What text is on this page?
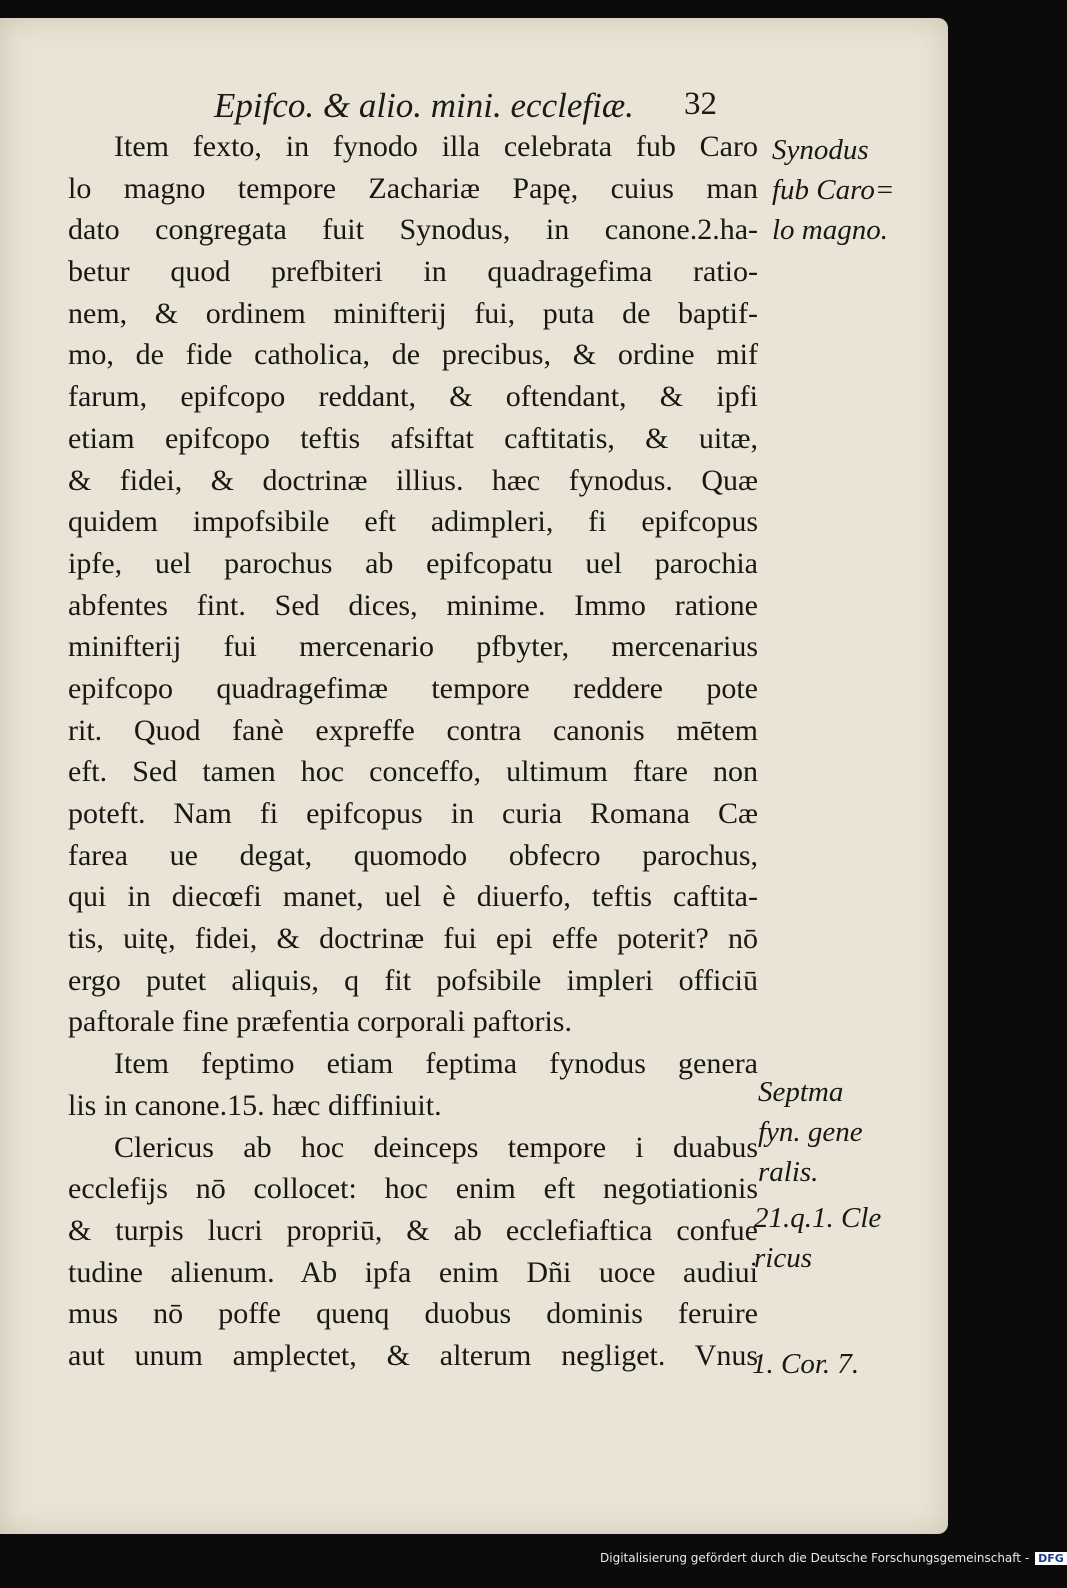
Epifco. & alio. mini. ecclefiæ. 32
Item fexto, in fynodo illa celebrata fub Caro
lo magno tempore Zachariæ Papę, cuius man
dato congregata fuit Synodus, in canone.2.ha-
betur quod prefbiteri in quadragefima ratio-
nem, & ordinem minifterij fui, puta de baptif-
mo, de fide catholica, de precibus, & ordine mif
farum, epifcopo reddant, & oftendant, & ipfi
etiam epifcopo teftis afsiftat caftitatis, & uitæ,
& fidei, & doctrinæ illius. hæc fynodus. Quæ
quidem impofsibile eft adimpleri, fi epifcopus
ipfe, uel parochus ab epifcopatu uel parochia
abfentes fint. Sed dices, minime. Immo ratione
minifterij fui mercenario pfbyter, mercenarius
epifcopo quadragefimæ tempore reddere pote
rit. Quod fanè expreffe contra canonis mētem
eft. Sed tamen hoc conceffo, ultimum ftare non
poteft. Nam fi epifcopus in curia Romana Cæ
farea ue degat, quomodo obfecro parochus,
qui in diecœfi manet, uel è diuerfo, teftis caftita-
tis, uitę, fidei, & doctrinæ fui epi effe poterit? nō
ergo putet aliquis, q fit pofsibile impleri officiū
paftorale fine præfentia corporali paftoris.
Item feptimo etiam feptima fynodus genera
lis in canone.15. hæc diffiniuit.
Clericus ab hoc deinceps tempore i duabus
ecclefijs nō collocet: hoc enim eft negotiationis
& turpis lucri propriū, & ab ecclefiaftica confue
tudine alienum. Ab ipfa enim Dñi uoce audiui
mus nō poffe quenq duobus dominis feruire
aut unum amplectet, & alterum negliget. Vnus
Synodus
fub Caro=
lo magno.
Septma
fyn. gene
ralis.
21.q.1. Cle
ricus
1. Cor. 7.
Digitalisierung gefördert durch die Deutsche Forschungsgemeinschaft - DFG
